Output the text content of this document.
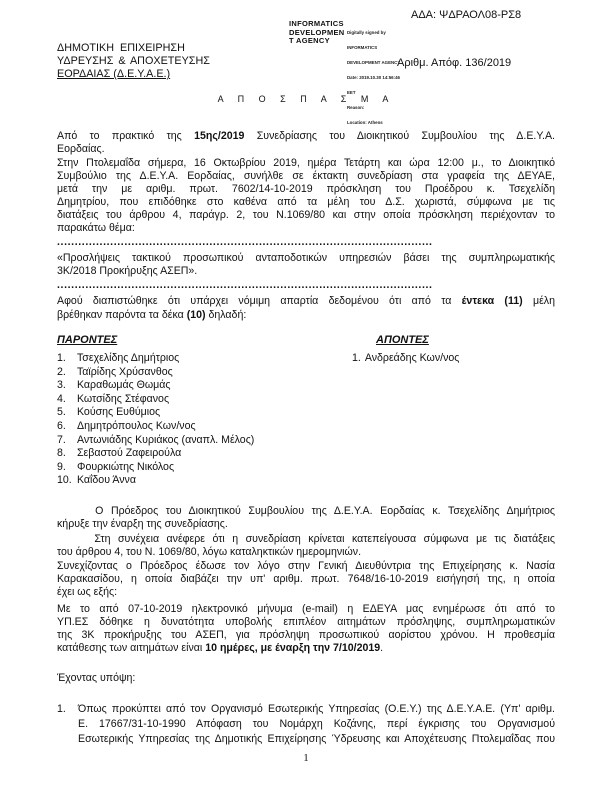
ΑΔΑ: ΨΔΡΑΟΛ08-ΡΣ8
INFORMATICS
DEVELOPMEN
T AGENCY

Digitally signed by

INFORMATICS

DEVELOPMENT AGENCY

Date: 2019.10.30 14:56:46

EET

Reason:

Location: Athens

ΔΗΜΟΤΙΚΗ ΕΠΙΧΕΙΡΗΣΗ
ΥΔΡΕΥΣΗΣ & ΑΠΟΧΕΤΕΥΣΗΣ
ΕΟΡΔΑΙΑΣ (Δ.Ε.Υ.Α.Ε.)
Αριθμ. Απόφ. 136/2019
Α Π Ο Σ Π Α Σ Μ Α
Από το πρακτικό της 15ης/2019 Συνεδρίασης του Διοικητικού Συμβουλίου της Δ.Ε.Υ.Α.
Εορδαίας.
Στην Πτολεμαΐδα σήμερα, 16 Οκτωβρίου 2019, ημέρα Τετάρτη και ώρα 12:00 μ., το Διοικητικό
Συμβούλιο της Δ.Ε.Υ.Α. Εορδαίας, συνήλθε σε έκτακτη συνεδρίαση στα γραφεία της ΔΕΥΑΕ,
μετά την με αριθμ. πρωτ. 7602/14-10-2019 πρόσκληση του Προέδρου κ. Τσεχελίδη
Δημητρίου, που επιδόθηκε στο καθένα από τα μέλη του Δ.Σ. χωριστά, σύμφωνα με τις
διατάξεις του άρθρου 4, παράγρ. 2, του Ν.1069/80 και στην οποία πρόσκληση περιέχονταν το
παρακάτω θέμα:
..........................................................................................................
«Προσλήψεις τακτικού προσωπικού ανταποδοτικών υπηρεσιών βάσει της συμπληρωματικής
3Κ/2018 Προκήρυξης ΑΣΕΠ».
..........................................................................................................
Αφού διαπιστώθηκε ότι υπάρχει νόμιμη απαρτία δεδομένου ότι από τα έντεκα (11) μέλη
βρέθηκαν παρόντα τα δέκα (10) δηλαδή:
ΠΑΡΟΝΤΕΣ	ΑΠΟΝΤΕΣ
1. Τσεχελίδης Δημήτριος
2. Ταϊρίδης Χρύσανθος
3. Καραθωμάς Θωμάς
4. Κωτσίδης Στέφανος
5. Κούσης Ευθύμιος
6. Δημητρόπουλος Κων/νος
7. Αντωνιάδης Κυριάκος (αναπλ. Μέλος)
8. Σεβαστού Ζαφειρούλα
9. Φουρκιώτης Νικόλος
10. Καΐδου Άννα
1. Ανδρεάδης Κων/νος
Ο Πρόεδρος του Διοικητικού Συμβουλίου της Δ.Ε.Υ.Α. Εορδαίας κ. Τσεχελίδης Δημήτριος
κήρυξε την έναρξη της συνεδρίασης.
Στη συνέχεια ανέφερε ότι η συνεδρίαση κρίνεται κατεπείγουσα σύμφωνα με τις διατάξεις
του άρθρου 4, του Ν. 1069/80, λόγω καταληκτικών ημερομηνιών.
Συνεχίζοντας ο Πρόεδρος έδωσε τον λόγο στην Γενική Διευθύντρια της Επιχείρησης κ. Νασία
Καρακασίδου, η οποία διαβάζει την υπ' αριθμ. πρωτ. 7648/16-10-2019 εισήγησή της, η οποία
έχει ως εξής:
Με το από 07-10-2019 ηλεκτρονικό μήνυμα (e-mail) η ΕΔΕΥΑ μας ενημέρωσε ότι από το
ΥΠ.ΕΣ δόθηκε η δυνατότητα υποβολής επιπλέον αιτημάτων πρόσληψης, συμπληρωματικών
της 3Κ προκήρυξης του ΑΣΕΠ, για πρόσληψη προσωπικού αορίστου χρόνου. Η προθεσμία
κατάθεσης των αιτημάτων είναι 10 ημέρες, με έναρξη την 7/10/2019.
Έχοντας υπόψη:
1. Όπως προκύπτει από τον Οργανισμό Εσωτερικής Υπηρεσίας (Ο.Ε.Υ.) της Δ.Ε.Υ.Α.Ε. (Υπ' αριθμ.
Ε. 17667/31-10-1990 Απόφαση του Νομάρχη Κοζάνης, περί έγκρισης του Οργανισμού
Εσωτερικής Υπηρεσίας της Δημοτικής Επιχείρησης Ύδρευσης και Αποχέτευσης Πτολεμαΐδας που
1
